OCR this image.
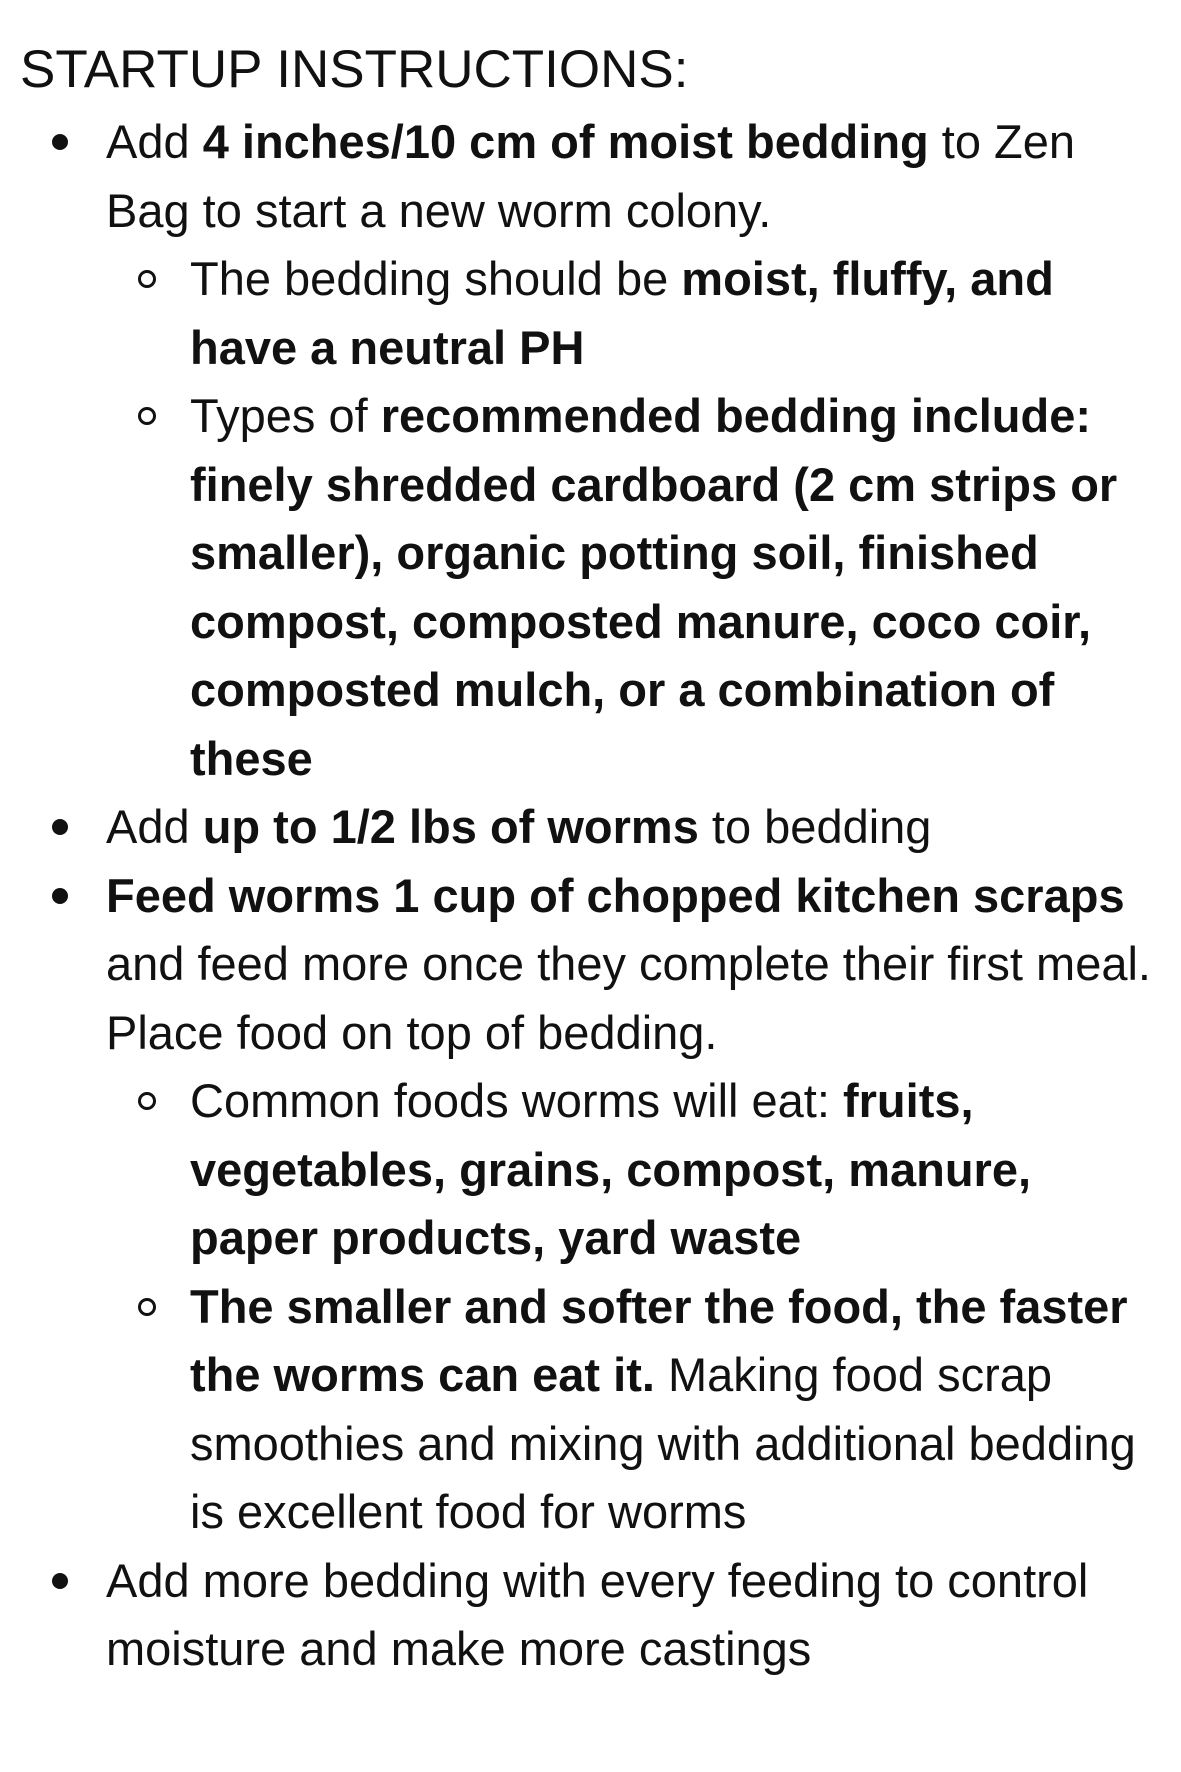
STARTUP INSTRUCTIONS:
Add 4 inches/10 cm of moist bedding to Zen Bag to start a new worm colony.
The bedding should be moist, fluffy, and have a neutral PH
Types of recommended bedding include: finely shredded cardboard (2 cm strips or smaller), organic potting soil, finished compost, composted manure, coco coir, composted mulch, or a combination of these
Add up to 1/2 lbs of worms to bedding
Feed worms 1 cup of chopped kitchen scraps and feed more once they complete their first meal. Place food on top of bedding.
Common foods worms will eat: fruits, vegetables, grains, compost, manure, paper products, yard waste
The smaller and softer the food, the faster the worms can eat it. Making food scrap smoothies and mixing with additional bedding is excellent food for worms
Add more bedding with every feeding to control moisture and make more castings
